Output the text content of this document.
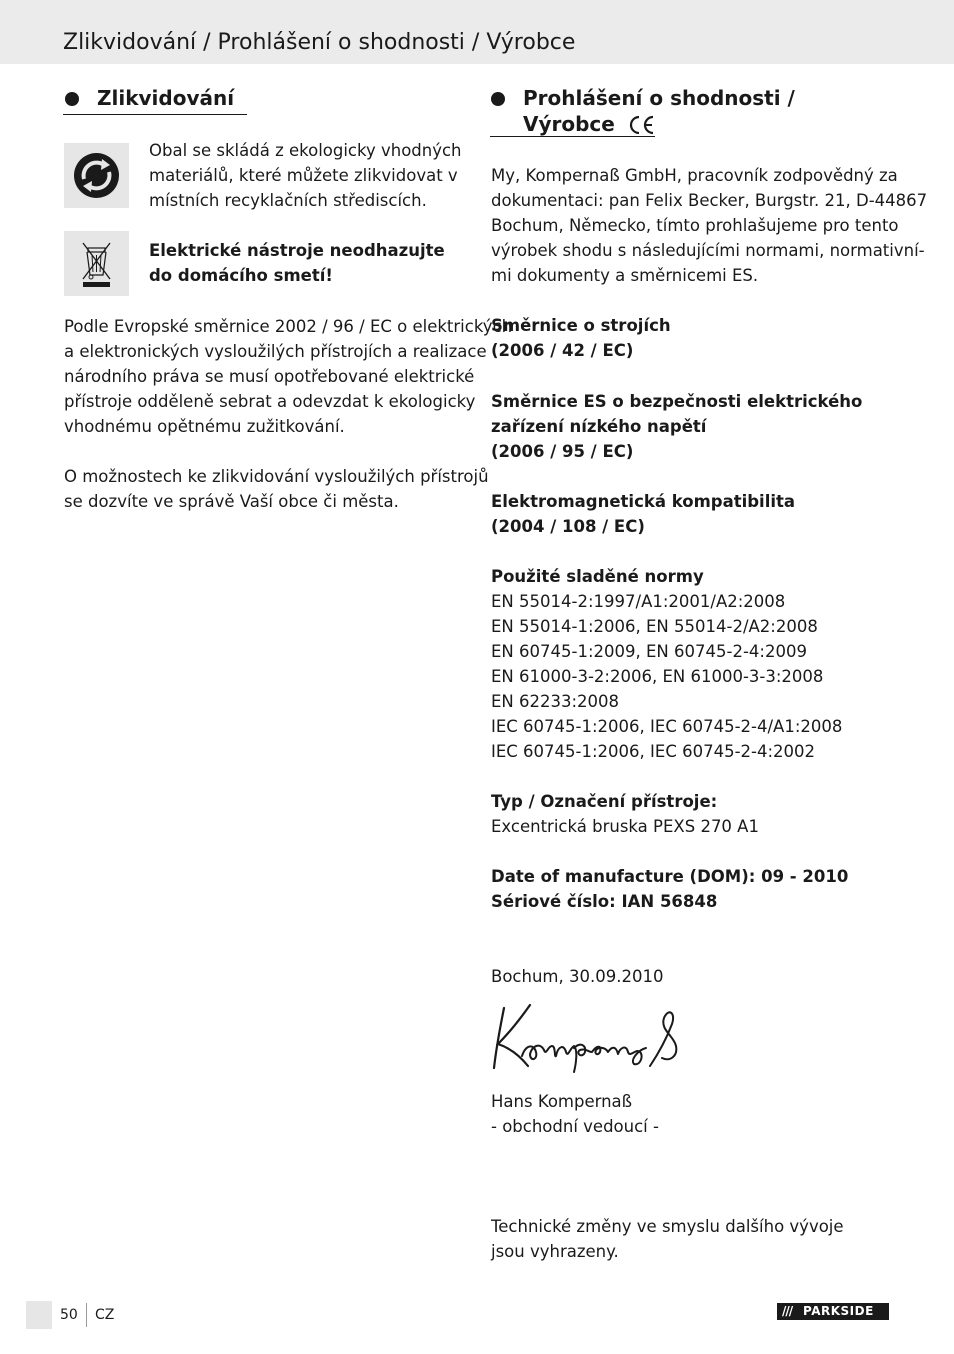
Zlikvidování / Prohlášení o shodnosti / Výrobce
Zlikvidování
Obal se skládá z ekologicky vhodných
materiálů, které můžete zlikvidovat v
místních recyklačních střediscích.
Elektrické nástroje neodhazujte
do domácího smetí!
Podle Evropské směrnice 2002 / 96 / EC o elektrických
a elektronických vysloužilých přístrojích a realizace
národního práva se musí opotřebované elektrické
přístroje odděleně sebrat a odevzdat k ekologicky
vhodnému opětnému zužitkování.
O možnostech ke zlikvidování vysloužilých přístrojů
se dozvíte ve správě Vaší obce či města.
Prohlášení o shodnosti /
Výrobce
My, Kompernaß GmbH, pracovník zodpovědný za
dokumentaci: pan Felix Becker, Burgstr. 21, D-44867
Bochum, Německo, tímto prohlašujeme pro tento
výrobek shodu s následujícími normami, normativní-
mi dokumenty a směrnicemi ES.
Směrnice o strojích
(2006 / 42 / EC)
Směrnice ES o bezpečnosti elektrického
zařízení nízkého napětí
(2006 / 95 / EC)
Elektromagnetická kompatibilita
(2004 / 108 / EC)
Použité sladěné normy
EN 55014-2:1997/A1:2001/A2:2008
EN 55014-1:2006, EN 55014-2/A2:2008
EN 60745-1:2009, EN 60745-2-4:2009
EN 61000-3-2:2006, EN 61000-3-3:2008
EN 62233:2008
IEC 60745-1:2006, IEC 60745-2-4/A1:2008
IEC 60745-1:2006, IEC 60745-2-4:2002
Typ / Označení přístroje:
Excentrická bruska PEXS 270 A1
Date of manufacture (DOM): 09 - 2010
Sériové číslo: IAN 56848
Bochum, 30.09.2010
Hans Kompernaß
- obchodní vedoucí -
Technické změny ve smyslu dalšího vývoje
jsou vyhrazeny.
50 CZ	/// PARKSIDE
